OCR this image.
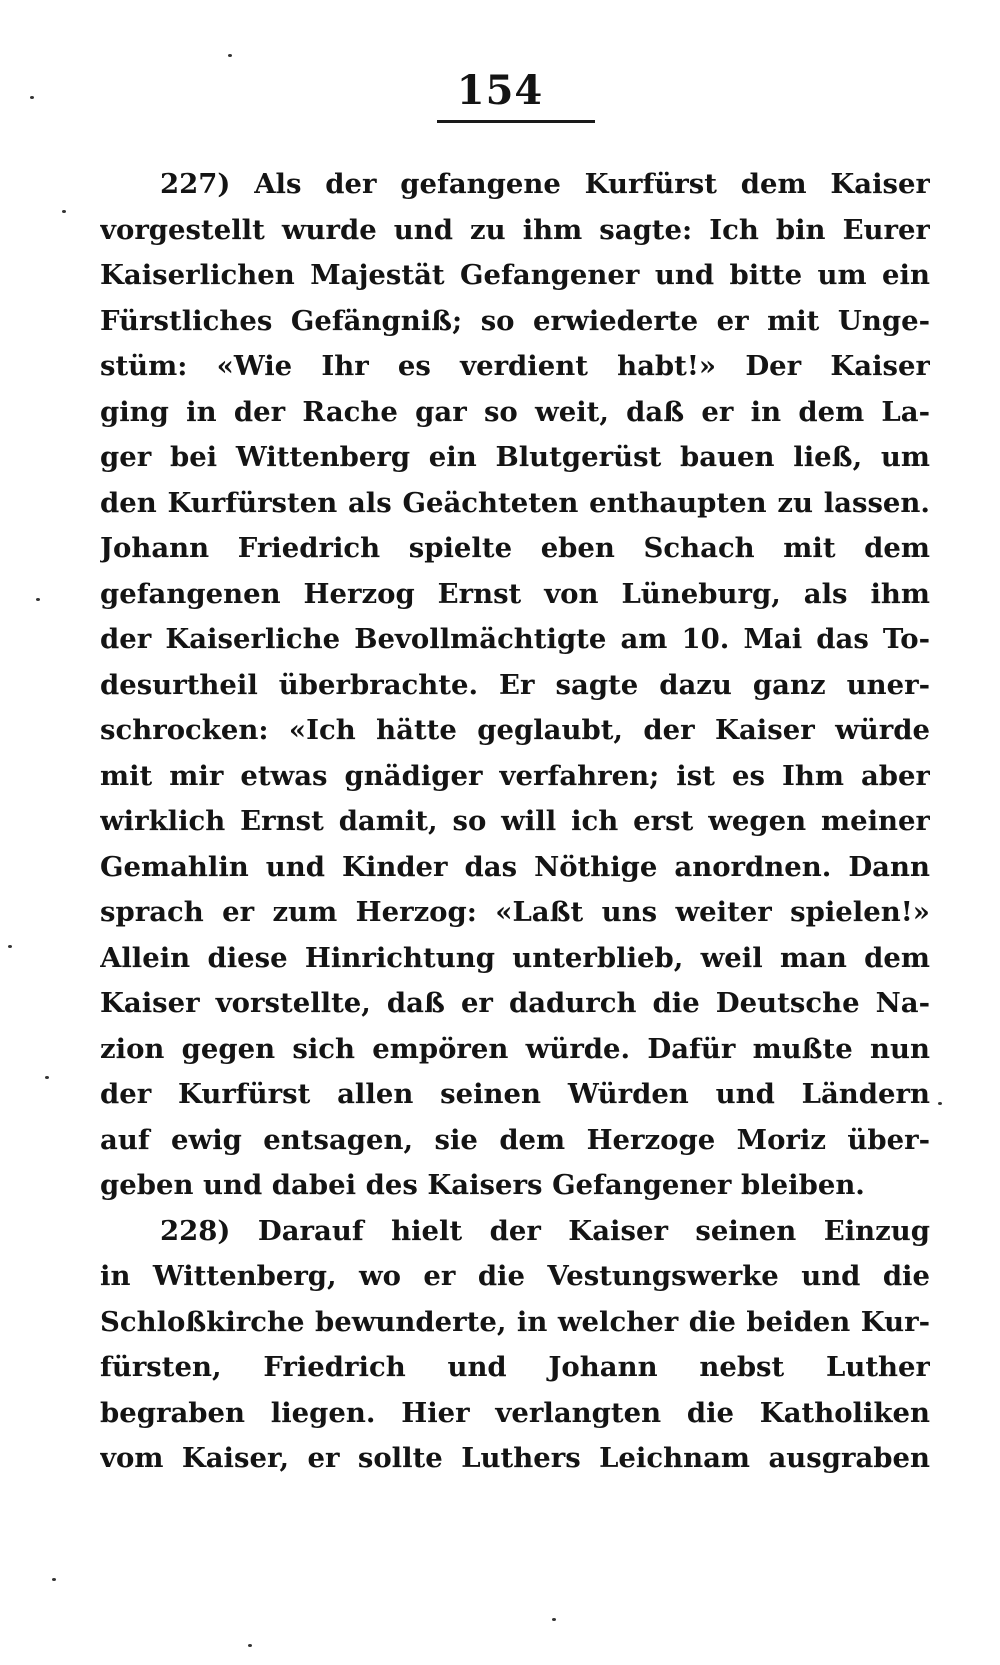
154
227) Als der gefangene Kurfürst dem Kaiser
vorgestellt wurde und zu ihm sagte: Ich bin Eurer
Kaiserlichen Majestät Gefangener und bitte um ein
Fürstliches Gefängniß; so erwiederte er mit Unge-
stüm: «Wie Ihr es verdient habt!» Der Kaiser
ging in der Rache gar so weit, daß er in dem La-
ger bei Wittenberg ein Blutgerüst bauen ließ, um
den Kurfürsten als Geächteten enthaupten zu lassen.
Johann Friedrich spielte eben Schach mit dem
gefangenen Herzog Ernst von Lüneburg, als ihm
der Kaiserliche Bevollmächtigte am 10. Mai das To-
desurtheil überbrachte. Er sagte dazu ganz uner-
schrocken: «Ich hätte geglaubt, der Kaiser würde
mit mir etwas gnädiger verfahren; ist es Ihm aber
wirklich Ernst damit, so will ich erst wegen meiner
Gemahlin und Kinder das Nöthige anordnen. Dann
sprach er zum Herzog: «Laßt uns weiter spielen!»
Allein diese Hinrichtung unterblieb, weil man dem
Kaiser vorstellte, daß er dadurch die Deutsche Na-
zion gegen sich empören würde. Dafür mußte nun
der Kurfürst allen seinen Würden und Ländern
auf ewig entsagen, sie dem Herzoge Moriz über-
geben und dabei des Kaisers Gefangener bleiben.
228) Darauf hielt der Kaiser seinen Einzug
in Wittenberg, wo er die Vestungswerke und die
Schloßkirche bewunderte, in welcher die beiden Kur-
fürsten, Friedrich und Johann nebst Luther
begraben liegen. Hier verlangten die Katholiken
vom Kaiser, er sollte Luthers Leichnam ausgraben
